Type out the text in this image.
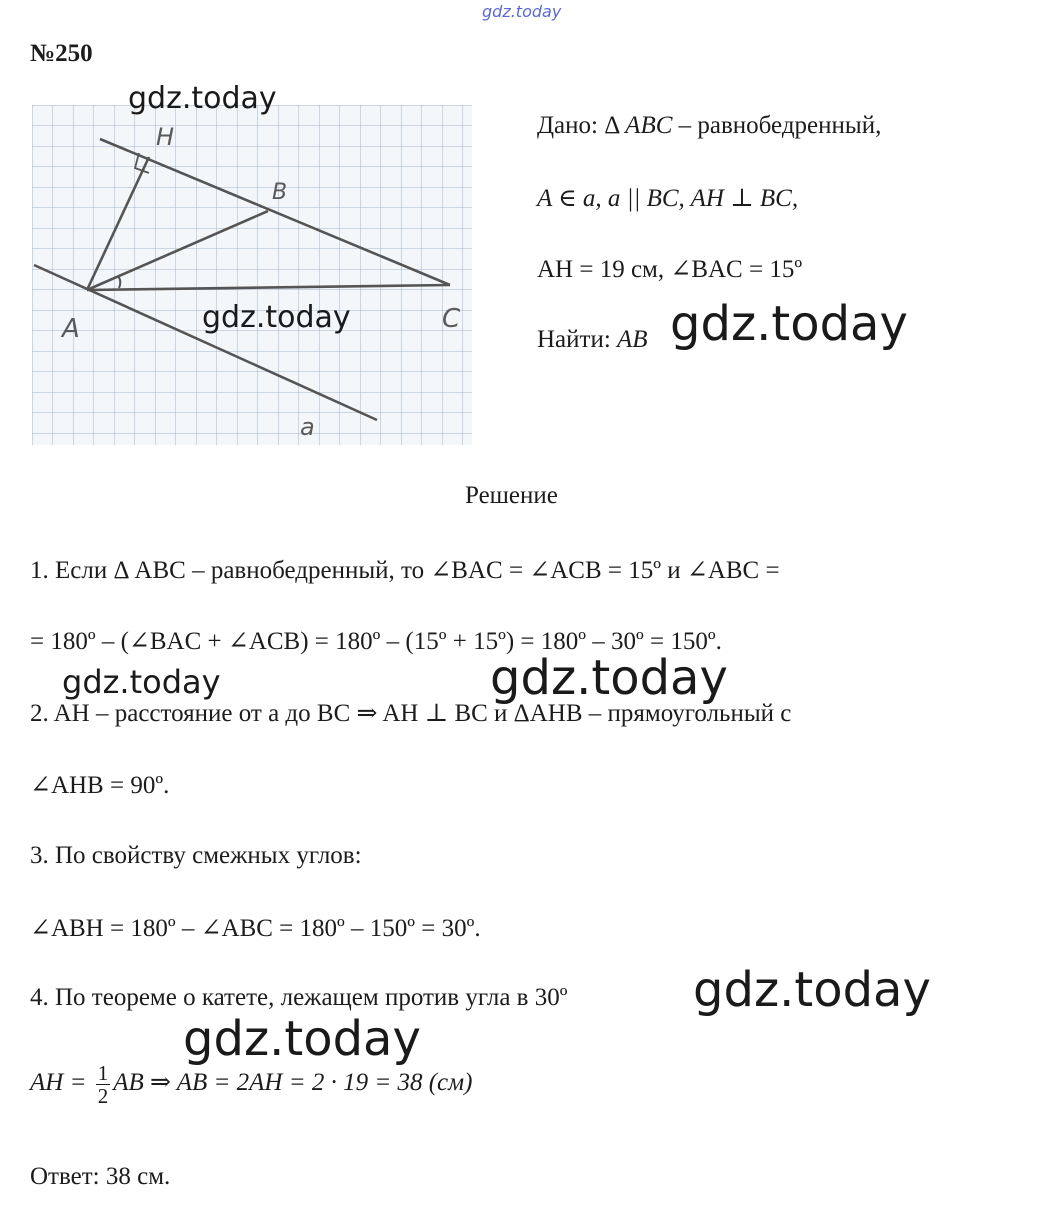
gdz.today
№250
H
B
A	C
a
gdz.today
gdz.today
Дано: Δ ABC – равнобедренный,
A ∈ a, a || BC, AH ⊥ BC,
AH = 19 см, ∠BAC = 15º
Найти: AB gdz.today
Решение
1. Если Δ ABC – равнобедренный, то ∠BAC = ∠ACB = 15º и ∠ABC =
= 180º – (∠BAC + ∠ACB) = 180º – (15º + 15º) = 180º – 30º = 150º.
gdz.today	gdz.today
2. AH – расстояние от a до BC ⇒ AH ⊥ BC и ΔAHB – прямоугольный с
∠AHB = 90º.
3. По свойству смежных углов:
∠ABH = 180º – ∠ABC = 180º – 150º = 30º.
4. По теореме о катете, лежащем против угла в 30º	gdz.today
gdz.today
AH = $\frac{1}{2}$ AB ⇒ AB = 2AH = 2 · 19 = 38 (см)
Ответ: 38 см.
